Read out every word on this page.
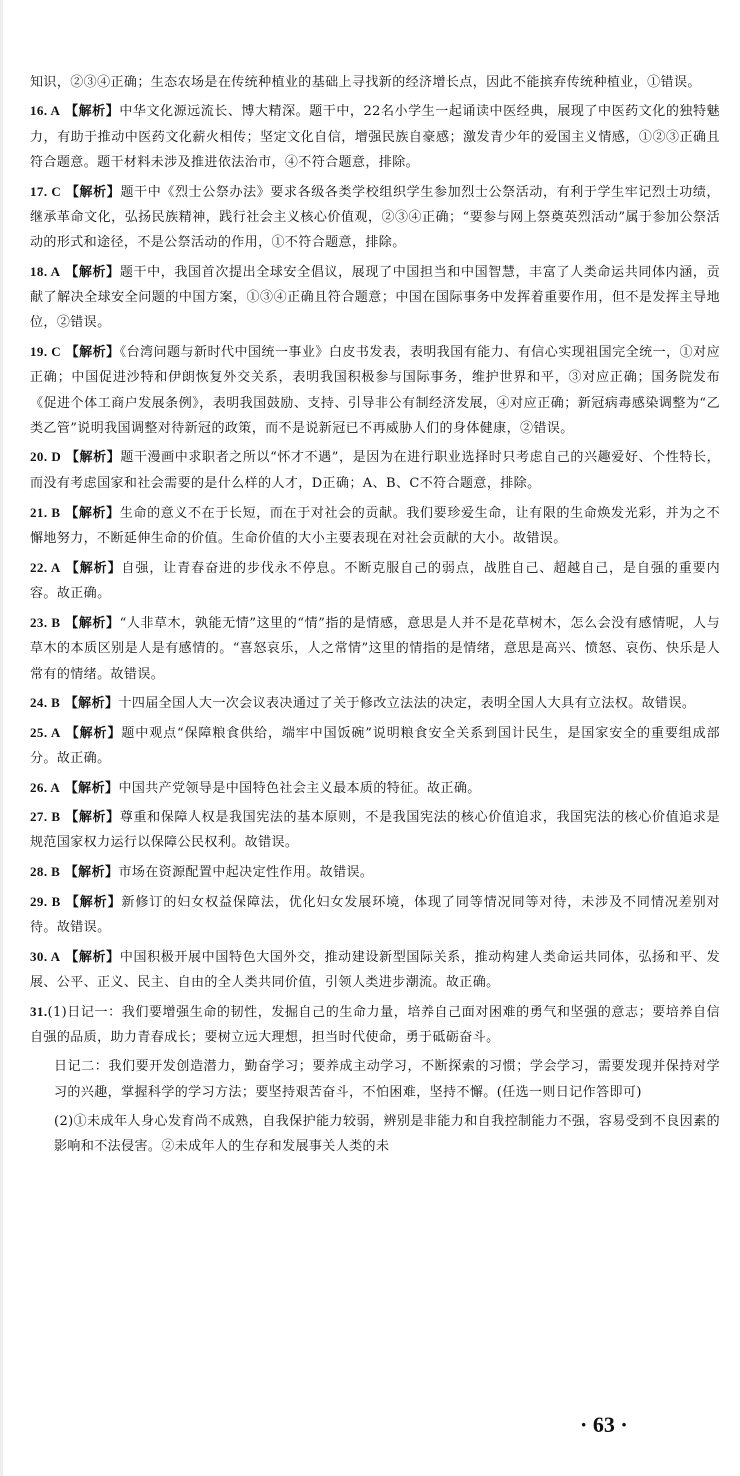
知识，②③④正确；生态农场是在传统种植业的基础上寻找新的经济增长点，因此不能摈弃传统种植业，①错误。

16. A 【解析】中华文化源远流长、博大精深。题干中，22名小学生一起诵读中医经典，展现了中医药文化的独特魅力，有助于推动中医药文化薪火相传；坚定文化自信，增强民族自豪感；激发青少年的爱国主义情感，①②③正确且符合题意。题干材料未涉及推进依法治市，④不符合题意，排除。

17. C 【解析】题干中《烈士公祭办法》要求各级各类学校组织学生参加烈士公祭活动，有利于学生牢记烈士功绩，继承革命文化，弘扬民族精神，践行社会主义核心价值观，②③④正确；“要参与网上祭奠英烈活动”属于参加公祭活动的形式和途径，不是公祭活动的作用，①不符合题意，排除。

18. A 【解析】题干中，我国首次提出全球安全倡议，展现了中国担当和中国智慧，丰富了人类命运共同体内涵，贡献了解决全球安全问题的中国方案，①③④正确且符合题意；中国在国际事务中发挥着重要作用，但不是发挥主导地位，②错误。

19. C 【解析】《台湾问题与新时代中国统一事业》白皮书发表，表明我国有能力、有信心实现祖国完全统一，①对应正确；中国促进沙特和伊朗恢复外交关系，表明我国积极参与国际事务，维护世界和平，③对应正确；国务院发布《促进个体工商户发展条例》，表明我国鼓励、支持、引导非公有制经济发展，④对应正确；新冠病毒感染调整为“乙类乙管”说明我国调整对待新冠的政策，而不是说新冠已不再威胁人们的身体健康，②错误。

20. D 【解析】题干漫画中求职者之所以“怀才不遇”，是因为在进行职业选择时只考虑自己的兴趣爱好、个性特长，而没有考虑国家和社会需要的是什么样的人才，D正确；A、B、C不符合题意，排除。

21. B 【解析】生命的意义不在于长短，而在于对社会的贡献。我们要珍爱生命，让有限的生命焕发光彩，并为之不懈地努力，不断延伸生命的价值。生命价值的大小主要表现在对社会贡献的大小。故错误。

22. A 【解析】自强，让青春奋进的步伐永不停息。不断克服自己的弱点，战胜自己、超越自己，是自强的重要内容。故正确。

23. B 【解析】“人非草木，孰能无情”这里的“情”指的是情感，意思是人并不是花草树木，怎么会没有感情呢，人与草木的本质区别是人是有感情的。“喜怒哀乐，人之常情”这里的情指的是情绪，意思是高兴、愤怒、哀伤、快乐是人常有的情绪。故错误。

24. B 【解析】十四届全国人大一次会议表决通过了关于修改立法法的决定，表明全国人大具有立法权。故错误。

25. A 【解析】题中观点“保障粮食供给，端牢中国饭碗”说明粮食安全关系到国计民生，是国家安全的重要组成部分。故正确。

26. A 【解析】中国共产党领导是中国特色社会主义最本质的特征。故正确。

27. B 【解析】尊重和保障人权是我国宪法的基本原则，不是我国宪法的核心价值追求，我国宪法的核心价值追求是规范国家权力运行以保障公民权利。故错误。

28. B 【解析】市场在资源配置中起决定性作用。故错误。

29. B 【解析】新修订的妇女权益保障法，优化妇女发展环境，体现了同等情况同等对待，未涉及不同情况差别对待。故错误。

30. A 【解析】中国积极开展中国特色大国外交，推动建设新型国际关系，推动构建人类命运共同体，弘扬和平、发展、公平、正义、民主、自由的全人类共同价值，引领人类进步潮流。故正确。

31.(1)日记一：我们要增强生命的韧性，发掘自己的生命力量，培养自己面对困难的勇气和坚强的意志；要培养自信自强的品质，助力青春成长；要树立远大理想，担当时代使命，勇于砥砺奋斗。

日记二：我们要开发创造潜力，勤奋学习；要养成主动学习，不断探索的习惯；学会学习，需要发现并保持对学习的兴趣，掌握科学的学习方法；要坚持艰苦奋斗，不怕困难，坚持不懈。(任选一则日记作答即可)

(2)①未成年人身心发育尚不成熟，自我保护能力较弱，辨别是非能力和自我控制能力不强，容易受到不良因素的影响和不法侵害。②未成年人的生存和发展事关人类的未

· 63 ·
